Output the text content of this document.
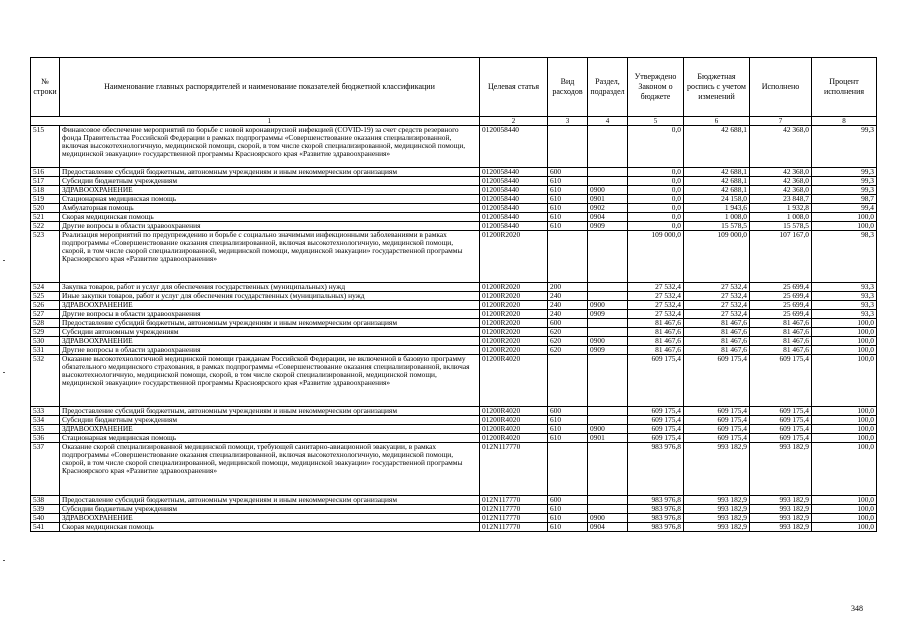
№ строки	Наименование главных распорядителей и наименование показателей бюджетной классификации	Целевая статья	Вид расходов	Раздел, подраздел	Утверждено Законом о бюджете	Бюджетная роспись с учетом изменений	Исполнено	Процент исполнения
	1	2	3	4	5	6	7	8
515	Финансовое обеспечение мероприятий по борьбе с новой коронавирусной инфекцией (COVID-19) за счет средств резервного фонда Правительства Российской Федерации в рамках подпрограммы «Совершенствование оказания специализированной, включая высокотехнологичную, медицинской помощи, скорой, в том числе скорой специализированной, медицинской помощи, медицинской эвакуации» государственной программы Красноярского края «Развитие здравоохранения»	0120058440			0,0	42 688,1	42 368,0	99,3
516	Предоставление субсидий бюджетным, автономным учреждениям и иным некоммерческим организациям	0120058440	600		0,0	42 688,1	42 368,0	99,3
517	Субсидии бюджетным учреждениям	0120058440	610		0,0	42 688,1	42 368,0	99,3
518	ЗДРАВООХРАНЕНИЕ	0120058440	610	0900	0,0	42 688,1	42 368,0	99,3
519	Стационарная медицинская помощь	0120058440	610	0901	0,0	24 158,0	23 848,7	98,7
520	Амбулаторная помощь	0120058440	610	0902	0,0	1 943,6	1 932,8	99,4
521	Скорая медицинская помощь	0120058440	610	0904	0,0	1 008,0	1 008,0	100,0
522	Другие вопросы в области здравоохранения	0120058440	610	0909	0,0	15 578,5	15 578,5	100,0
523	Реализация мероприятий по предупреждению и борьбе с социально значимыми инфекционными заболеваниями в рамках подпрограммы «Совершенствование оказания специализированной, включая высокотехнологичную, медицинской помощи, скорой, в том числе скорой специализированной, медицинской помощи, медицинской эвакуации» государственной программы Красноярского края «Развитие здравоохранения»	01200R2020			109 000,0	109 000,0	107 167,0	98,3
524	Закупка товаров, работ и услуг для обеспечения государственных (муниципальных) нужд	01200R2020	200		27 532,4	27 532,4	25 699,4	93,3
525	Иные закупки товаров, работ и услуг для обеспечения государственных (муниципальных) нужд	01200R2020	240		27 532,4	27 532,4	25 699,4	93,3
526	ЗДРАВООХРАНЕНИЕ	01200R2020	240	0900	27 532,4	27 532,4	25 699,4	93,3
527	Другие вопросы в области здравоохранения	01200R2020	240	0909	27 532,4	27 532,4	25 699,4	93,3
528	Предоставление субсидий бюджетным, автономным учреждениям и иным некоммерческим организациям	01200R2020	600		81 467,6	81 467,6	81 467,6	100,0
529	Субсидии автономным учреждениям	01200R2020	620		81 467,6	81 467,6	81 467,6	100,0
530	ЗДРАВООХРАНЕНИЕ	01200R2020	620	0900	81 467,6	81 467,6	81 467,6	100,0
531	Другие вопросы в области здравоохранения	01200R2020	620	0909	81 467,6	81 467,6	81 467,6	100,0
532	Оказание высокотехнологичной медицинской помощи гражданам Российской Федерации, не включенной в базовую программу обязательного медицинского страхования, в рамках подпрограммы «Совершенствование оказания специализированной, включая высокотехнологичную, медицинской помощи, скорой, в том числе скорой специализированной, медицинской помощи, медицинской эвакуации» государственной программы Красноярского края «Развитие здравоохранения»	01200R4020			609 175,4	609 175,4	609 175,4	100,0
533	Предоставление субсидий бюджетным, автономным учреждениям и иным некоммерческим организациям	01200R4020	600		609 175,4	609 175,4	609 175,4	100,0
534	Субсидии бюджетным учреждениям	01200R4020	610		609 175,4	609 175,4	609 175,4	100,0
535	ЗДРАВООХРАНЕНИЕ	01200R4020	610	0900	609 175,4	609 175,4	609 175,4	100,0
536	Стационарная медицинская помощь	01200R4020	610	0901	609 175,4	609 175,4	609 175,4	100,0
537	Оказание скорой специализированной медицинской помощи, требующей санитарно-авиационной эвакуации, в рамках подпрограммы «Совершенствование оказания специализированной, включая высокотехнологичную, медицинской помощи, скорой, в том числе скорой специализированной, медицинской помощи, медицинской эвакуации» государственной программы Красноярского края «Развитие здравоохранения»	012N117770			983 976,8	993 182,9	993 182,9	100,0
538	Предоставление субсидий бюджетным, автономным учреждениям и иным некоммерческим организациям	012N117770	600		983 976,8	993 182,9	993 182,9	100,0
539	Субсидии бюджетным учреждениям	012N117770	610		983 976,8	993 182,9	993 182,9	100,0
540	ЗДРАВООХРАНЕНИЕ	012N117770	610	0900	983 976,8	993 182,9	993 182,9	100,0
541	Скорая медицинская помощь	012N117770	610	0904	983 976,8	993 182,9	993 182,9	100,0
348
